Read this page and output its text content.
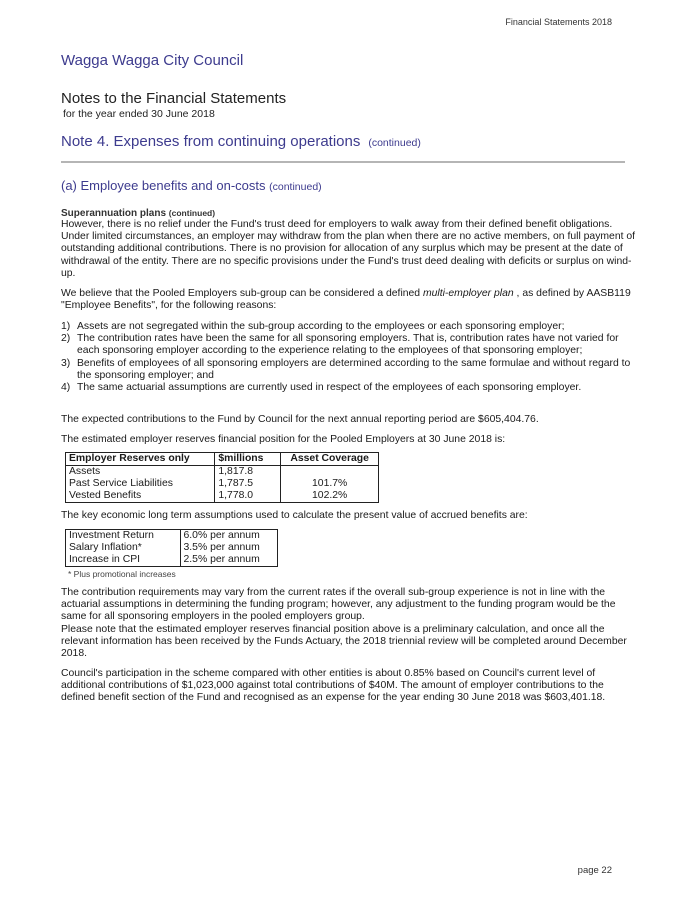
Financial Statements 2018
Wagga Wagga City Council
Notes to the Financial Statements
for the year ended 30 June 2018
Note 4. Expenses from continuing operations (continued)
(a) Employee benefits and on-costs (continued)
Superannuation plans (continued)
However, there is no relief under the Fund's trust deed for employers to walk away from their defined benefit obligations. Under limited circumstances, an employer may withdraw from the plan when there are no active members, on full payment of outstanding additional contributions. There is no provision for allocation of any surplus which may be present at the date of withdrawal of the entity. There are no specific provisions under the Fund's trust deed dealing with deficits or surplus on wind-up.
We believe that the Pooled Employers sub-group can be considered a defined multi-employer plan , as defined by AASB119 "Employee Benefits", for the following reasons:
1) Assets are not segregated within the sub-group according to the employees or each sponsoring employer;
2) The contribution rates have been the same for all sponsoring employers. That is, contribution rates have not varied for each sponsoring employer according to the experience relating to the employees of that sponsoring employer;
3) Benefits of employees of all sponsoring employers are determined according to the same formulae and without regard to the sponsoring employer; and
4) The same actuarial assumptions are currently used in respect of the employees of each sponsoring employer.
The expected contributions to the Fund by Council for the next annual reporting period are $605,404.76.
The estimated employer reserves financial position for the Pooled Employers at 30 June 2018 is:
Employer Reserves only	$millions	Asset Coverage
Assets	1,817.8	
Past Service Liabilities	1,787.5	101.7%
Vested Benefits	1,778.0	102.2%
The key economic long term assumptions used to calculate the present value of accrued benefits are:
Investment Return	6.0% per annum
Salary Inflation*	3.5% per annum
Increase in CPI	2.5% per annum
* Plus promotional increases
The contribution requirements may vary from the current rates if the overall sub-group experience is not in line with the actuarial assumptions in determining the funding program; however, any adjustment to the funding program would be the same for all sponsoring employers in the pooled employers group.
Please note that the estimated employer reserves financial position above is a preliminary calculation, and once all the relevant information has been received by the Funds Actuary, the 2018 triennial review will be completed around December 2018.
Council's participation in the scheme compared with other entities is about 0.85% based on Council's current level of additional contributions of $1,023,000 against total contributions of $40M. The amount of employer contributions to the defined benefit section of the Fund and recognised as an expense for the year ending 30 June 2018 was $603,401.18.
page 22
